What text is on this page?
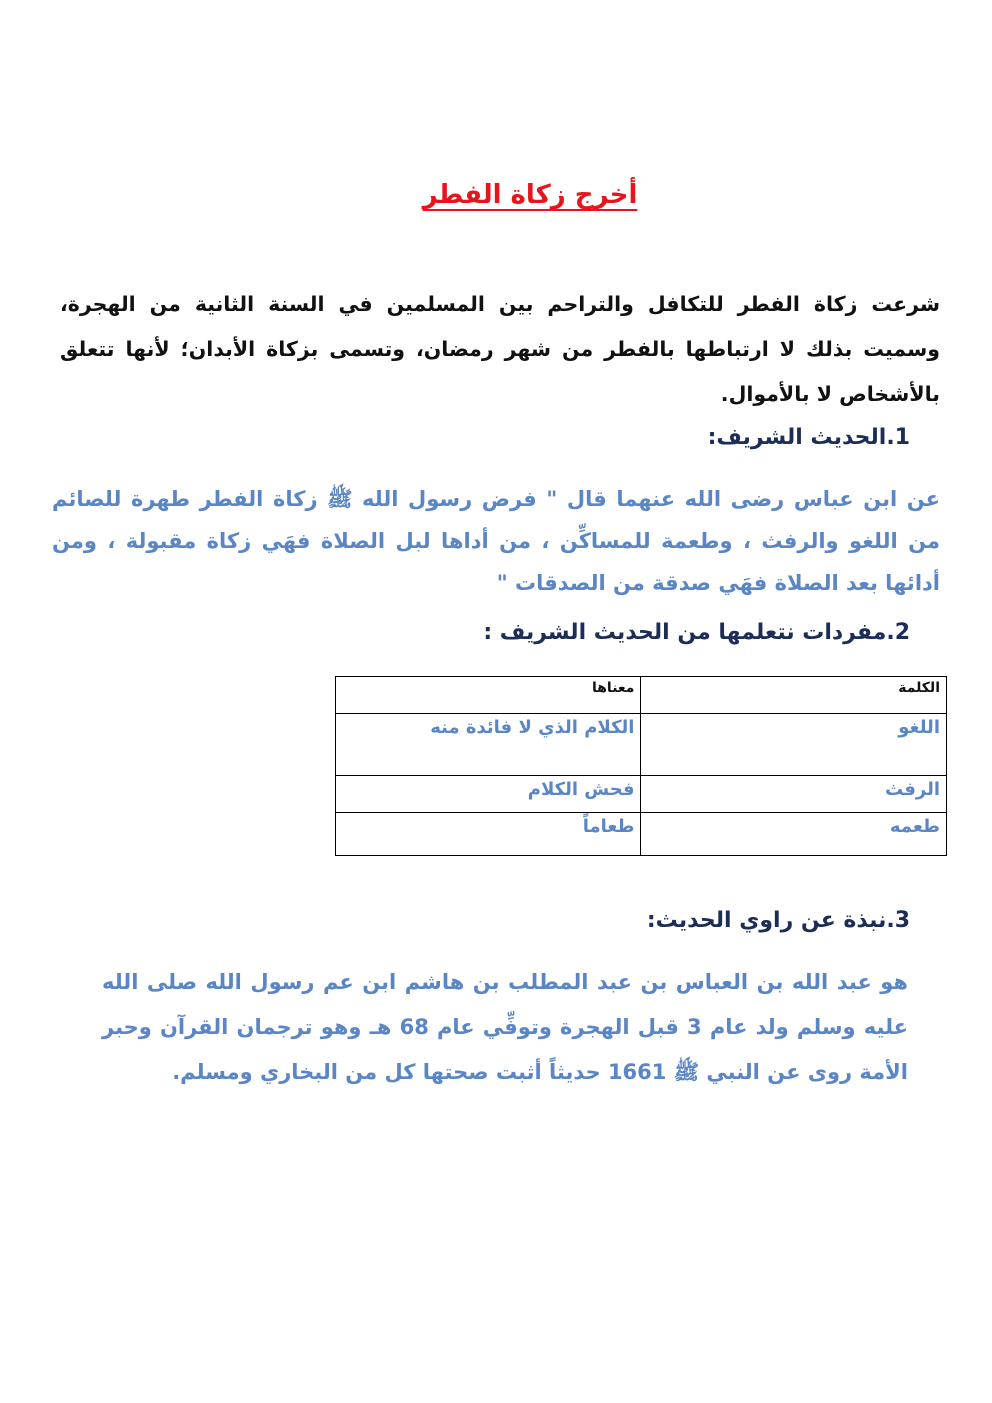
أخرج زكاة الفطر

شرعت زكاة الفطر للتكافل والتراحم بين المسلمين في السنة الثانية من الهجرة، وسميت بذلك لا ارتباطها بالفطر من شهر رمضان، وتسمى بزكاة الأبدان؛ لأنها تتعلق بالأشخاص لا بالأموال.

1.الحديث الشريف:

عن ابن عباس رضى الله عنهما قال " فرض رسول الله ﷺ زكاة الفطر طهرة للصائم من اللغو والرفث ، وطعمة للمساكِّن ، من أداها لبل الصلاة فهَي زكاة مقبولة ، ومن أدائها بعد الصلاة فهَي صدقة من الصدقات "

2.مفردات نتعلمها من الحديث الشريف :
الكلمة	معناها
اللغو	الكلام الذي لا فائدة منه
الرفث	فحش الكلام
طعمه	طعاماً
3.نبذة عن راوي الحديث:

هو عبد الله بن العباس بن عبد المطلب بن هاشم ابن عم رسول الله صلى الله عليه وسلم ولد عام 3 قبل الهجرة وتوفِّي عام 68 هـ وهو ترجمان القرآن وحبر الأمة روى عن النبي ﷺ 1661 حديثاً أثبت صحتها كل من البخاري ومسلم.
